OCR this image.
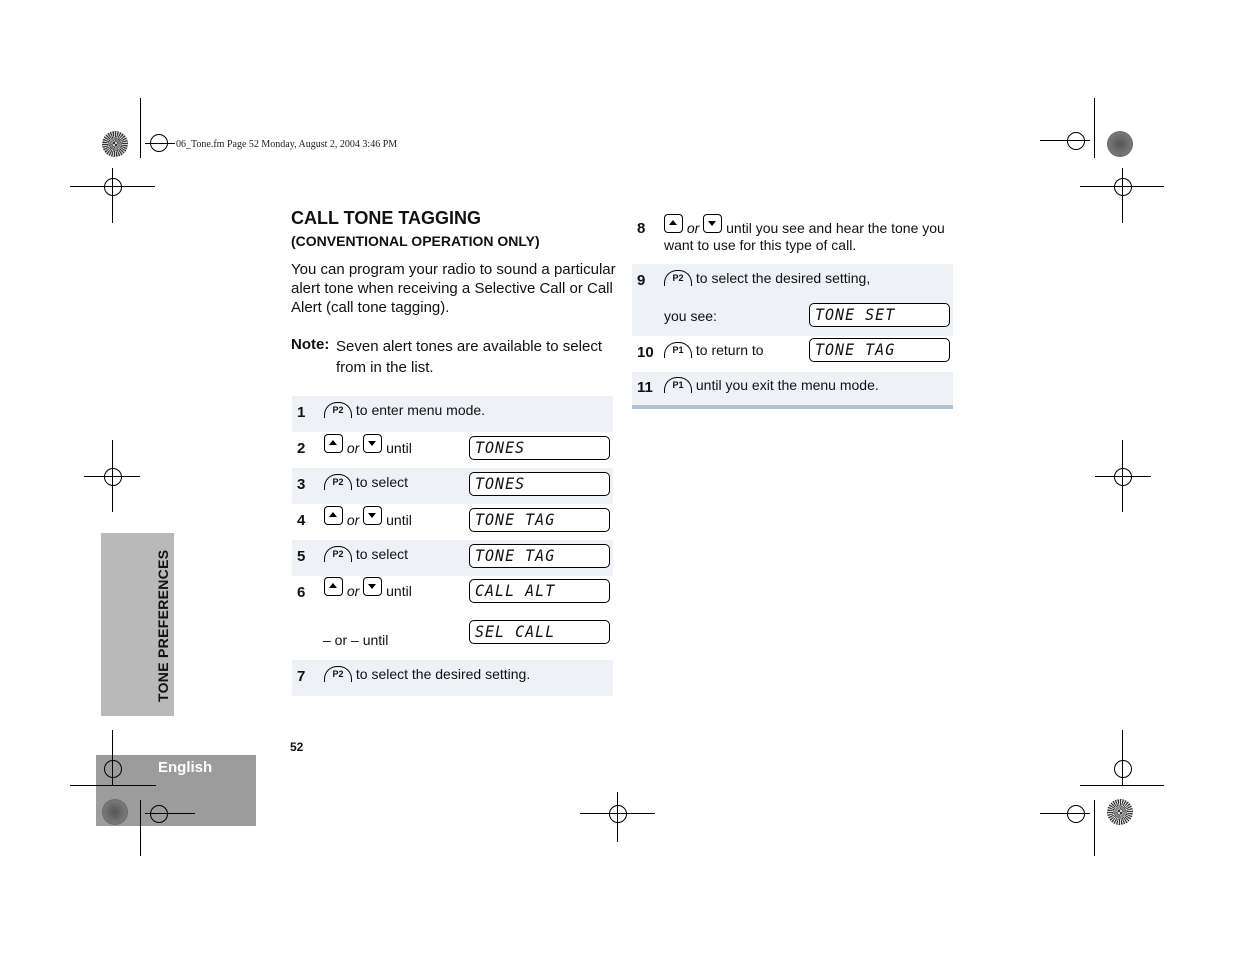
06_Tone.fm Page 52 Monday, August 2, 2004 3:46 PM
TONE PREFERENCES
English
CALL TONE TAGGING
(CONVENTIONAL OPERATION ONLY)
You can program your radio to sound a particular alert tone when receiving a Selective Call or Call Alert (call tone tagging).
Note: Seven alert tones are available to select from in the list.
1	P2 to enter menu mode.
2	or until	TONES
3	P2 to select	TONES
4	or until	TONE TAG
5	P2 to select	TONE TAG
6	or until	CALL ALT
– or – until	SEL CALL
7	P2 to select the desired setting.
8	or until you see and hear the tone you
want to use for this type of call.
9	P2 to select the desired setting,
you see:	TONE SET
10	P1 to return to	TONE TAG
11	P1 until you exit the menu mode.
52
